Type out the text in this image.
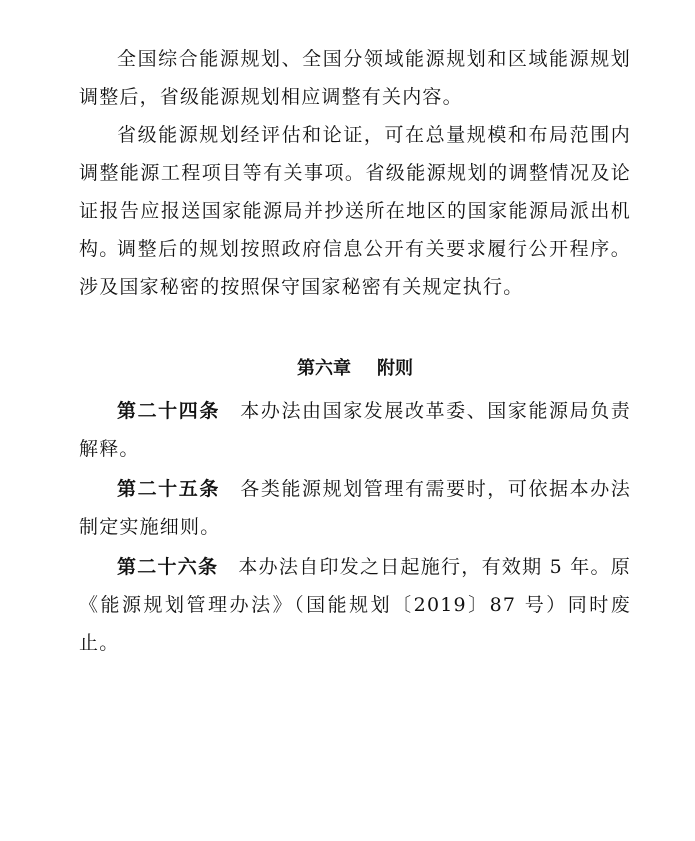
全国综合能源规划、全国分领域能源规划和区域能源规划调整后，省级能源规划相应调整有关内容。

省级能源规划经评估和论证，可在总量规模和布局范围内调整能源工程项目等有关事项。省级能源规划的调整情况及论证报告应报送国家能源局并抄送所在地区的国家能源局派出机构。

调整后的规划按照政府信息公开有关要求履行公开程序。涉及国家秘密的按照保守国家秘密有关规定执行。

第六章 附则

第二十四条 本办法由国家发展改革委、国家能源局负责解释。

第二十五条 各类能源规划管理有需要时，可依据本办法制定实施细则。

第二十六条 本办法自印发之日起施行，有效期 5 年。原《能源规划管理办法》（国能规划〔2019〕87 号）同时废止。
